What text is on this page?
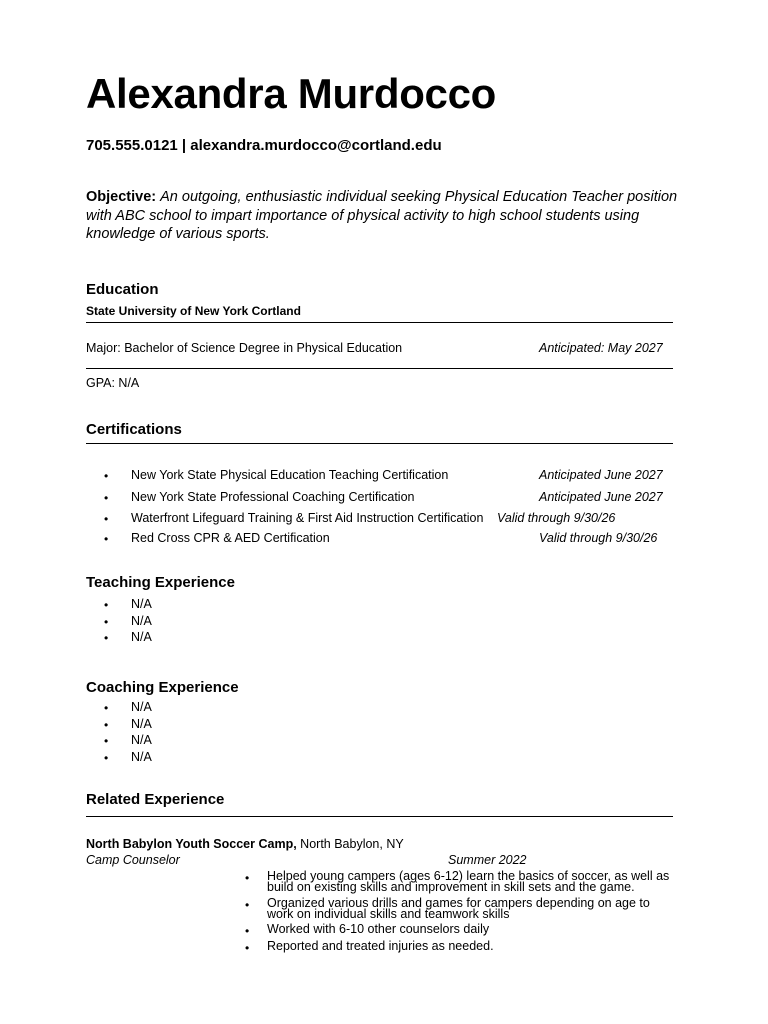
Alexandra Murdocco
705.555.0121 | alexandra.murdocco@cortland.edu
Objective: An outgoing, enthusiastic individual seeking Physical Education Teacher position with ABC school to impart importance of physical activity to high school students using knowledge of various sports.
Education
State University of New York Cortland
Major: Bachelor of Science Degree in Physical Education	Anticipated: May 2027
GPA: N/A
Certifications
• New York State Physical Education Teaching Certification	Anticipated June 2027
• New York State Professional Coaching Certification	Anticipated June 2027
• Waterfront Lifeguard Training & First Aid Instruction Certification Valid through 9/30/26
• Red Cross CPR & AED Certification	Valid through 9/30/26
Teaching Experience
• N/A
• N/A
• N/A
Coaching Experience
• N/A
• N/A
• N/A
• N/A
Related Experience
North Babylon Youth Soccer Camp, North Babylon, NY
Camp Counselor	Summer 2022
• Helped young campers (ages 6-12) learn the basics of soccer, as well as build on existing skills and improvement in skill sets and the game.
• Organized various drills and games for campers depending on age to work on individual skills and teamwork skills
• Worked with 6-10 other counselors daily
• Reported and treated injuries as needed.
